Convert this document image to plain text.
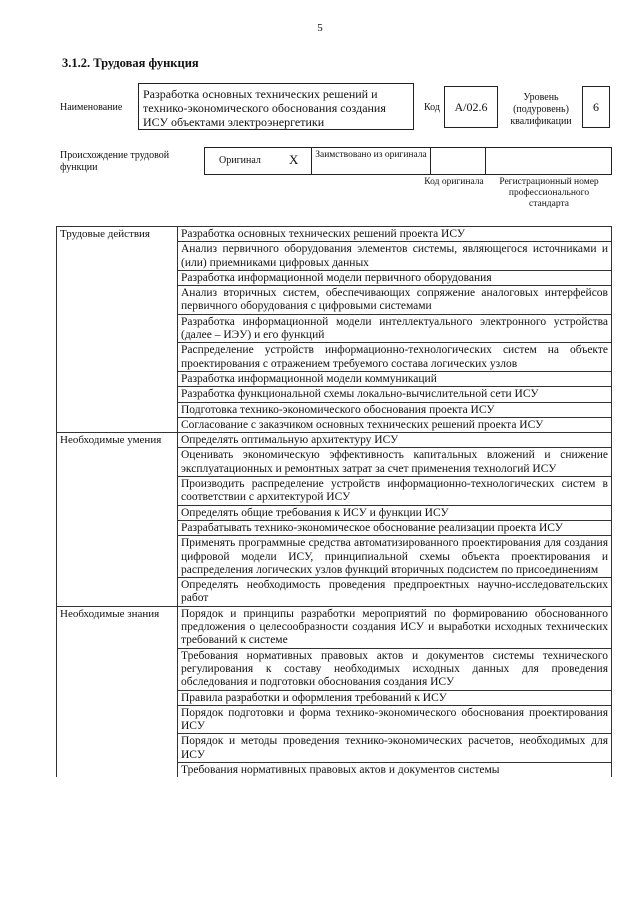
5
3.1.2. Трудовая функция
Наименование
Разработка основных технических решений и технико-экономического обоснования создания ИСУ объектами электроэнергетики
Код	А/02.6
Уровень (подуровень) квалификации
6
Происхождение трудовой функции
Оригинал X Заимствовано из оригинала
Код оригинала	Регистрационный номер профессионального стандарта
Трудовые действия	Разработка основных технических решений проекта ИСУ
	Анализ первичного оборудования элементов системы, являющегося источниками и (или) приемниками цифровых данных
	Разработка информационной модели первичного оборудования
	Анализ вторичных систем, обеспечивающих сопряжение аналоговых интерфейсов первичного оборудования с цифровыми системами
	Разработка информационной модели интеллектуального электронного устройства (далее – ИЭУ) и его функций
	Распределение устройств информационно-технологических систем на объекте проектирования с отражением требуемого состава логических узлов
	Разработка информационной модели коммуникаций
	Разработка функциональной схемы локально-вычислительной сети ИСУ
	Подготовка технико-экономического обоснования проекта ИСУ
	Согласование с заказчиком основных технических решений проекта ИСУ
Необходимые умения	Определять оптимальную архитектуру ИСУ
	Оценивать экономическую эффективность капитальных вложений и снижение эксплуатационных и ремонтных затрат за счет применения технологий ИСУ
	Производить распределение устройств информационно-технологических систем в соответствии с архитектурой ИСУ
	Определять общие требования к ИСУ и функции ИСУ
	Разрабатывать технико-экономическое обоснование реализации проекта ИСУ
	Применять программные средства автоматизированного проектирования для создания цифровой модели ИСУ, принципиальной схемы объекта проектирования и распределения логических узлов функций вторичных подсистем по присоединениям
	Определять необходимость проведения предпроектных научно-исследовательских работ
Необходимые знания	Порядок и принципы разработки мероприятий по формированию обоснованного предложения о целесообразности создания ИСУ и выработки исходных технических требований к системе
	Требования нормативных правовых актов и документов системы технического регулирования к составу необходимых исходных данных для проведения обследования и подготовки обоснования создания ИСУ
	Правила разработки и оформления требований к ИСУ
	Порядок подготовки и форма технико-экономического обоснования проектирования ИСУ
	Порядок и методы проведения технико-экономических расчетов, необходимых для ИСУ
	Требования нормативных правовых актов и документов системы
